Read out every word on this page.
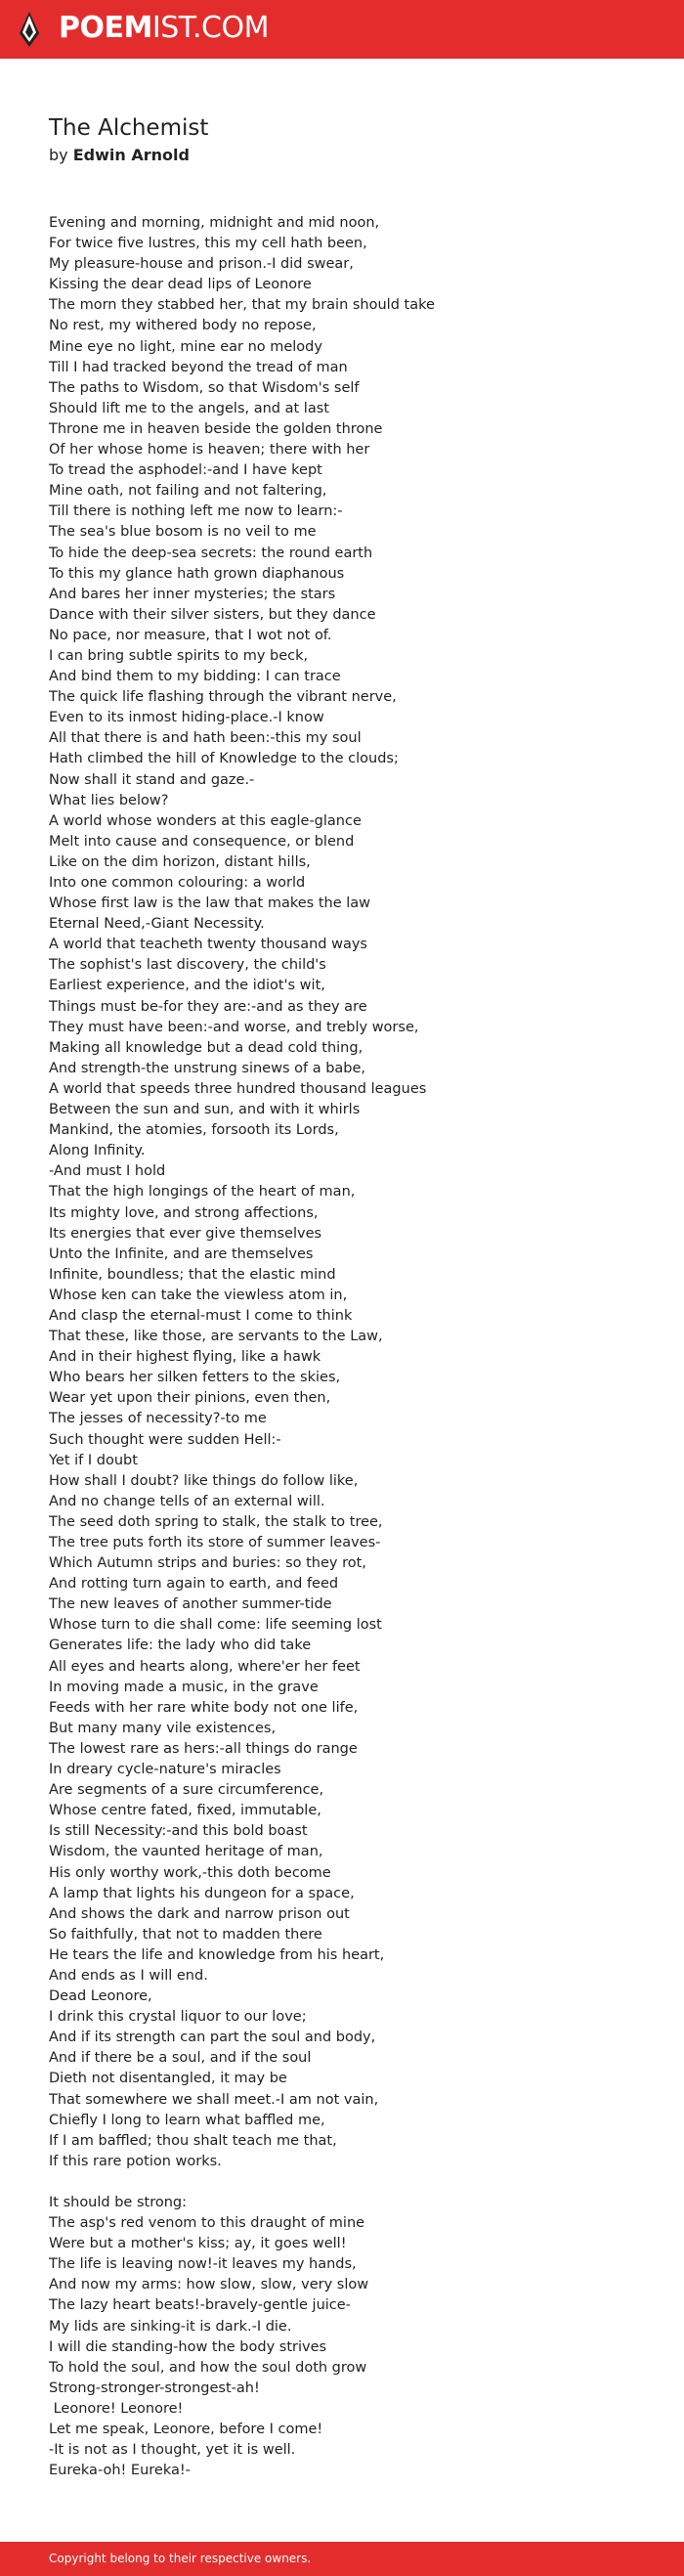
POEMIST.COM
The Alchemist
by Edwin Arnold
Evening and morning, midnight and mid noon,
For twice five lustres, this my cell hath been,
My pleasure-house and prison.-I did swear,
Kissing the dear dead lips of Leonore
The morn they stabbed her, that my brain should take
No rest, my withered body no repose,
Mine eye no light, mine ear no melody
Till I had tracked beyond the tread of man
The paths to Wisdom, so that Wisdom's self
Should lift me to the angels, and at last
Throne me in heaven beside the golden throne
Of her whose home is heaven; there with her
To tread the asphodel:-and I have kept
Mine oath, not failing and not faltering,
Till there is nothing left me now to learn:-
The sea's blue bosom is no veil to me
To hide the deep-sea secrets: the round earth
To this my glance hath grown diaphanous
And bares her inner mysteries; the stars
Dance with their silver sisters, but they dance
No pace, nor measure, that I wot not of.
I can bring subtle spirits to my beck,
And bind them to my bidding: I can trace
The quick life flashing through the vibrant nerve,
Even to its inmost hiding-place.-I know
All that there is and hath been:-this my soul
Hath climbed the hill of Knowledge to the clouds;
Now shall it stand and gaze.-
What lies below?
A world whose wonders at this eagle-glance
Melt into cause and consequence, or blend
Like on the dim horizon, distant hills,
Into one common colouring: a world
Whose first law is the law that makes the law
Eternal Need,-Giant Necessity.
A world that teacheth twenty thousand ways
The sophist's last discovery, the child's
Earliest experience, and the idiot's wit,
Things must be-for they are:-and as they are
They must have been:-and worse, and trebly worse,
Making all knowledge but a dead cold thing,
And strength-the unstrung sinews of a babe,
A world that speeds three hundred thousand leagues
Between the sun and sun, and with it whirls
Mankind, the atomies, forsooth its Lords,
Along Infinity.
-And must I hold
That the high longings of the heart of man,
Its mighty love, and strong affections,
Its energies that ever give themselves
Unto the Infinite, and are themselves
Infinite, boundless; that the elastic mind
Whose ken can take the viewless atom in,
And clasp the eternal-must I come to think
That these, like those, are servants to the Law,
And in their highest flying, like a hawk
Who bears her silken fetters to the skies,
Wear yet upon their pinions, even then,
The jesses of necessity?-to me
Such thought were sudden Hell:-
Yet if I doubt
How shall I doubt? like things do follow like,
And no change tells of an external will.
The seed doth spring to stalk, the stalk to tree,
The tree puts forth its store of summer leaves-
Which Autumn strips and buries: so they rot,
And rotting turn again to earth, and feed
The new leaves of another summer-tide
Whose turn to die shall come: life seeming lost
Generates life: the lady who did take
All eyes and hearts along, where'er her feet
In moving made a music, in the grave
Feeds with her rare white body not one life,
But many many vile existences,
The lowest rare as hers:-all things do range
In dreary cycle-nature's miracles
Are segments of a sure circumference,
Whose centre fated, fixed, immutable,
Is still Necessity:-and this bold boast
Wisdom, the vaunted heritage of man,
His only worthy work,-this doth become
A lamp that lights his dungeon for a space,
And shows the dark and narrow prison out
So faithfully, that not to madden there
He tears the life and knowledge from his heart,
And ends as I will end.
Dead Leonore,
I drink this crystal liquor to our love;
And if its strength can part the soul and body,
And if there be a soul, and if the soul
Dieth not disentangled, it may be
That somewhere we shall meet.-I am not vain,
Chiefly I long to learn what baffled me,
If I am baffled; thou shalt teach me that,
If this rare potion works.

It should be strong:
The asp's red venom to this draught of mine
Were but a mother's kiss; ay, it goes well!
The life is leaving now!-it leaves my hands,
And now my arms: how slow, slow, very slow
The lazy heart beats!-bravely-gentle juice-
My lids are sinking-it is dark.-I die.
I will die standing-how the body strives
To hold the soul, and how the soul doth grow
Strong-stronger-strongest-ah!
Leonore! Leonore!
Let me speak, Leonore, before I come!
-It is not as I thought, yet it is well.
Eureka-oh! Eureka!-
Copyright belong to their respective owners.
